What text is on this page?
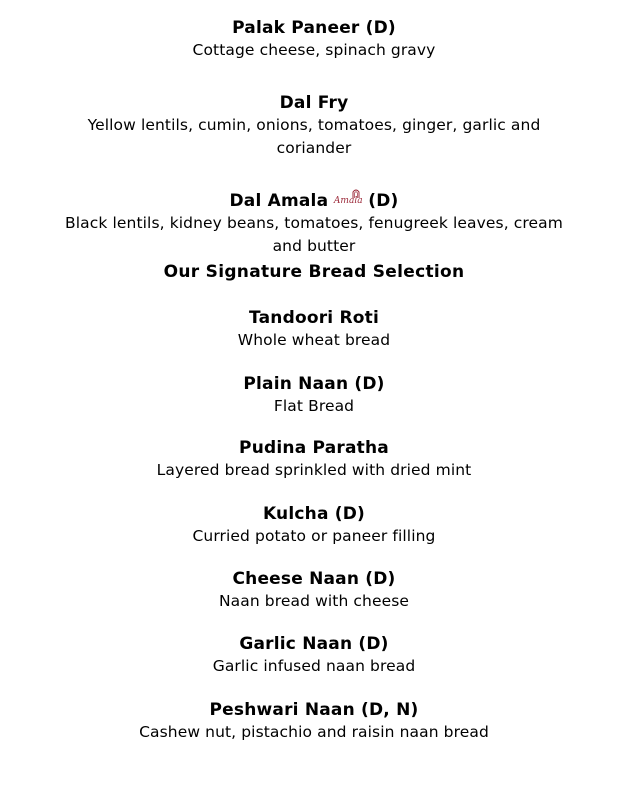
Palak Paneer (D)
Cottage cheese, spinach gravy
Dal Fry
Yellow lentils, cumin, onions, tomatoes, ginger, garlic and
coriander
Dal Amala Amala (D)
Black lentils, kidney beans, tomatoes, fenugreek leaves, cream
and butter
Our Signature Bread Selection
Tandoori Roti
Whole wheat bread
Plain Naan (D)
Flat Bread
Pudina Paratha
Layered bread sprinkled with dried mint
Kulcha (D)
Curried potato or paneer filling
Cheese Naan (D)
Naan bread with cheese
Garlic Naan (D)
Garlic infused naan bread
Peshwari Naan (D, N)
Cashew nut, pistachio and raisin naan bread
